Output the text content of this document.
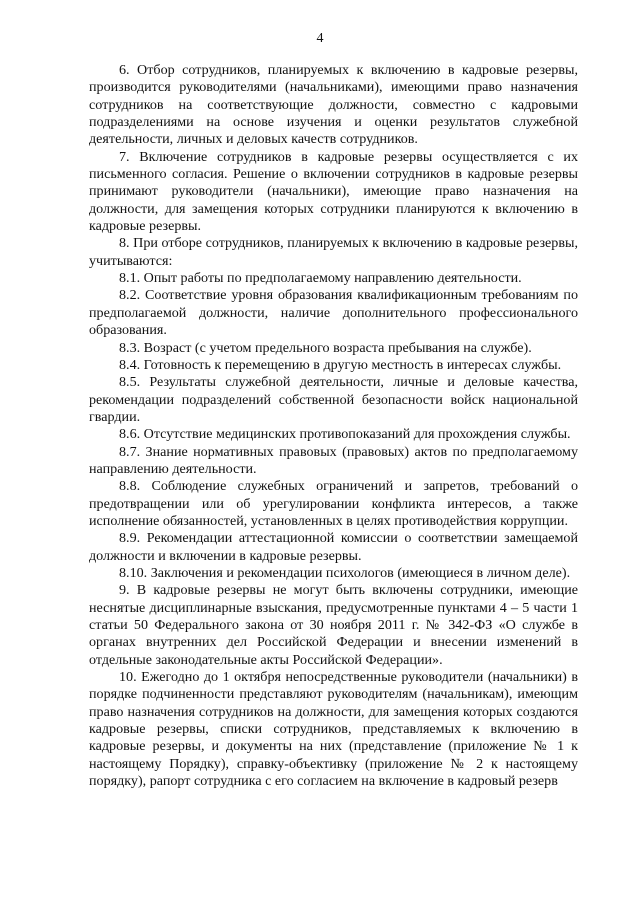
4

6. Отбор сотрудников, планируемых к включению в кадровые резервы, производится руководителями (начальниками), имеющими право назначения сотрудников на соответствующие должности, совместно с кадровыми подразделениями на основе изучения и оценки результатов служебной деятельности, личных и деловых качеств сотрудников.

7. Включение сотрудников в кадровые резервы осуществляется с их письменного согласия. Решение о включении сотрудников в кадровые резервы принимают руководители (начальники), имеющие право назначения на должности, для замещения которых сотрудники планируются к включению в кадровые резервы.

8. При отборе сотрудников, планируемых к включению в кадровые резервы, учитываются:

8.1. Опыт работы по предполагаемому направлению деятельности.

8.2. Соответствие уровня образования квалификационным требованиям по предполагаемой должности, наличие дополнительного профессионального образования.

8.3. Возраст (с учетом предельного возраста пребывания на службе).

8.4. Готовность к перемещению в другую местность в интересах службы.

8.5. Результаты служебной деятельности, личные и деловые качества, рекомендации подразделений собственной безопасности войск национальной гвардии.

8.6. Отсутствие медицинских противопоказаний для прохождения службы.

8.7. Знание нормативных правовых (правовых) актов по предполагаемому направлению деятельности.

8.8. Соблюдение служебных ограничений и запретов, требований о предотвращении или об урегулировании конфликта интересов, а также исполнение обязанностей, установленных в целях противодействия коррупции.

8.9. Рекомендации аттестационной комиссии о соответствии замещаемой должности и включении в кадровые резервы.

8.10. Заключения и рекомендации психологов (имеющиеся в личном деле).

9. В кадровые резервы не могут быть включены сотрудники, имеющие неснятые дисциплинарные взыскания, предусмотренные пунктами 4 – 5 части 1 статьи 50 Федерального закона от 30 ноября 2011 г. № 342-ФЗ «О службе в органах внутренних дел Российской Федерации и внесении изменений в отдельные законодательные акты Российской Федерации».

10. Ежегодно до 1 октября непосредственные руководители (начальники) в порядке подчиненности представляют руководителям (начальникам), имеющим право назначения сотрудников на должности, для замещения которых создаются кадровые резервы, списки сотрудников, представляемых к включению в кадровые резервы, и документы на них (представление (приложение № 1 к настоящему Порядку), справку-объективку (приложение № 2 к настоящему порядку), рапорт сотрудника с его согласием на включение в кадровый резерв
